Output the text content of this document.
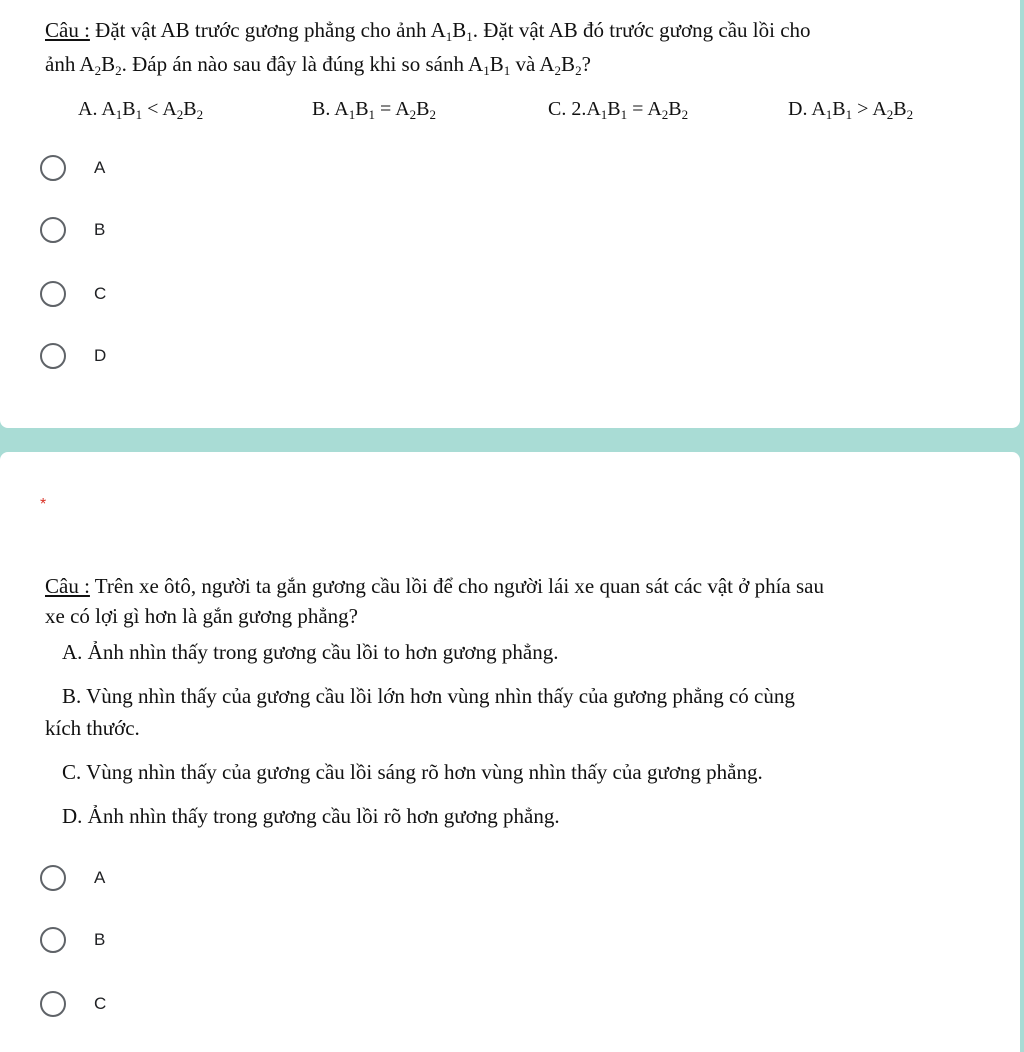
Câu : Đặt vật AB trước gương phẳng cho ảnh $A_1B_1$. Đặt vật AB đó trước gương cầu lồi cho
ảnh $A_2B_2$. Đáp án nào sau đây là đúng khi so sánh $A_1B_1$ và $A_2B_2$?
A. $A_1B_1 < A_2B_2$	B. $A_1B_1 = A_2B_2$	C. $2.A_1B_1 = A_2B_2$	D. $A_1B_1 > A_2B_2$
A
B
C
D
*
Câu : Trên xe ôtô, người ta gắn gương cầu lồi để cho người lái xe quan sát các vật ở phía sau
xe có lợi gì hơn là gắn gương phẳng?
A. Ảnh nhìn thấy trong gương cầu lồi to hơn gương phẳng.
B. Vùng nhìn thấy của gương cầu lồi lớn hơn vùng nhìn thấy của gương phẳng có cùng
kích thước.
C. Vùng nhìn thấy của gương cầu lồi sáng rõ hơn vùng nhìn thấy của gương phẳng.
D. Ảnh nhìn thấy trong gương cầu lồi rõ hơn gương phẳng.
A
B
C
